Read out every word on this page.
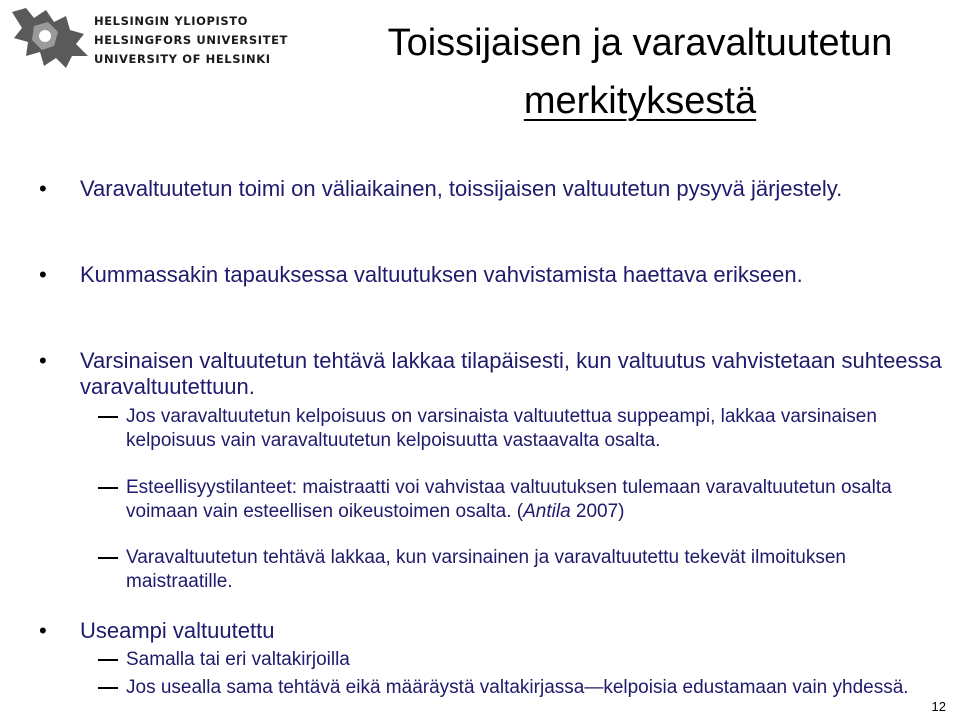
HELSINGIN YLIOPISTO
HELSINGFORS UNIVERSITET
UNIVERSITY OF HELSINKI	Toissijaisen ja varavaltuutetun
merkityksestä
• Varavaltuutetun toimi on väliaikainen, toissijaisen valtuutetun pysyvä järjestely.
• Kummassakin tapauksessa valtuutuksen vahvistamista haettava erikseen.
• Varsinaisen valtuutetun tehtävä lakkaa tilapäisesti, kun valtuutus vahvistetaan suhteessa varavaltuutettuun.
Jos varavaltuutetun kelpoisuus on varsinaista valtuutettua suppeampi, lakkaa varsinaisen kelpoisuus vain varavaltuutetun kelpoisuutta vastaavalta osalta.
Esteellisyystilanteet: maistraatti voi vahvistaa valtuutuksen tulemaan varavaltuutetun osalta voimaan vain esteellisen oikeustoimen osalta. (Antila 2007)
Varavaltuutetun tehtävä lakkaa, kun varsinainen ja varavaltuutettu tekevät ilmoituksen maistraatille.
• Useampi valtuutettu
Samalla tai eri valtakirjoilla
Jos usealla sama tehtävä eikä määräystä valtakirjassa—kelpoisia edustamaan vain yhdessä.
12
